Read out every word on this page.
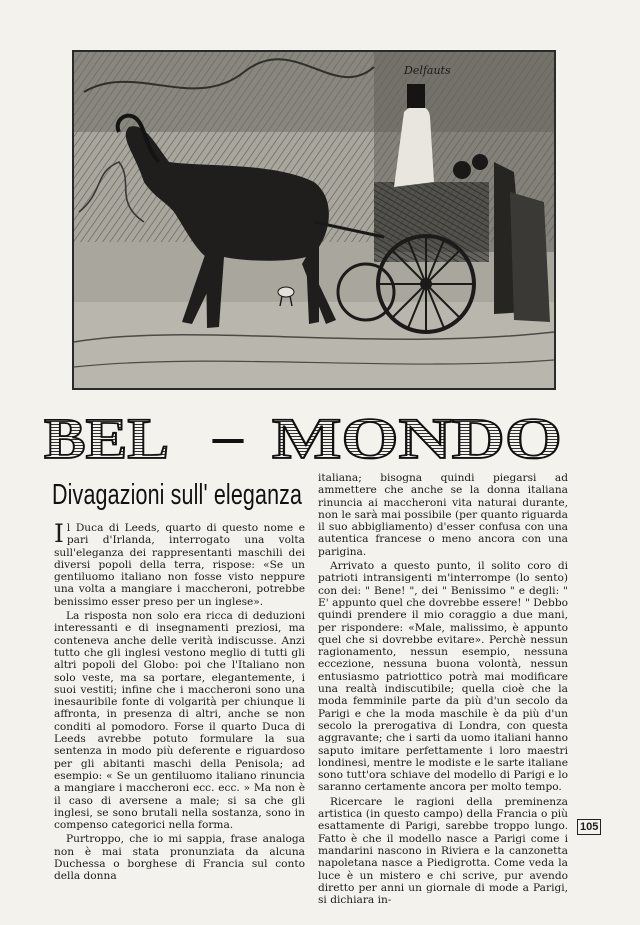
Delfauts
BEL - MONDO
Divagazioni sull' eleganza

Il Duca di Leeds, quarto di questo nome e pari d'Irlanda, interrogato una volta sull'eleganza dei rappresentanti maschili dei diversi popoli della terra, rispose: «Se un gentiluomo italiano non fosse visto neppure una volta a mangiare i maccheroni, potrebbe benissimo esser preso per un inglese».

La risposta non solo era ricca di deduzioni interessanti e di insegnamenti preziosi, ma conteneva anche delle verità indiscusse. Anzi tutto che gli inglesi vestono meglio di tutti gli altri popoli del Globo: poi che l'Italiano non solo veste, ma sa portare, elegantemente, i suoi vestiti; infine che i maccheroni sono una inesauribile fonte di volgarità per chiunque li affronta, in presenza di altri, anche se non conditi al pomodoro. Forse il quarto Duca di Leeds avrebbe potuto formulare la sua sentenza in modo più deferente e riguardoso per gli abitanti maschi della Penisola; ad esempio: « Se un gentiluomo italiano rinuncia a mangiare i maccheroni ecc. ecc. » Ma non è il caso di aversene a male; si sa che gli inglesi, se sono brutali nella sostanza, sono in compenso categorici nella forma.

Purtroppo, che io mi sappia, frase analoga non è mai stata pronunziata da alcuna Duchessa o borghese di Francia sul conto della donna

italiana; bisogna quindi piegarsi ad ammettere che anche se la donna italiana rinuncia ai maccheroni vita naturai durante, non le sarà mai possibile (per quanto riguarda il suo abbigliamento) d'esser confusa con una autentica francese o meno ancora con una parigina.

Arrivato a questo punto, il solito coro di patrioti intransigenti m'interrompe (lo sento) con dei: " Bene! ", dei " Benissimo " e degli: " E' appunto quel che dovrebbe essere! " Debbo quindi prendere il mio coraggio a due mani, per rispondere: «Male, malissimo, è appunto quel che si dovrebbe evitare». Perchè nessun ragionamento, nessun esempio, nessuna eccezione, nessuna buona volontà, nessun entusiasmo patriottico potrà mai modificare una realtà indiscutibile; quella cioè che la moda femminile parte da più d'un secolo da Parigi e che la moda maschile è da più d'un secolo la prerogativa di Londra, con questa aggravante; che i sarti da uomo italiani hanno saputo imitare perfettamente i loro maestri londinesi, mentre le modiste e le sarte italiane sono tutt'ora schiave del modello di Parigi e lo saranno certamente ancora per molto tempo.

Ricercare le ragioni della preminenza artistica (in questo campo) della Francia o più esattamente di Parigi, sarebbe troppo lungo. Fatto è che il modello nasce a Parigi come i mandarini nascono in Riviera e la canzonetta napoletana nasce a Piedigrotta. Come veda la luce è un mistero e chi scrive, pur avendo diretto per anni un giornale di mode a Parigi, si dichiara in-

105
